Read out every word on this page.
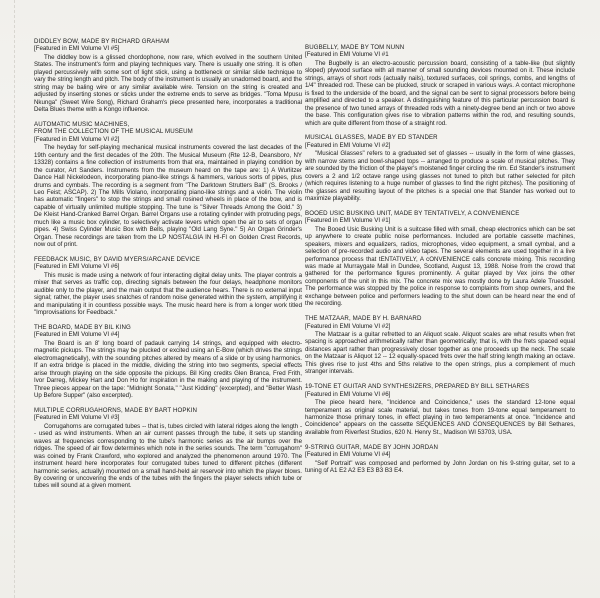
DIDDLEY BOW, MADE BY RICHARD GRAHAM
[Featured in EMI Volume VI #5]
The diddley bow is a glissed chordophone, now rare, which evolved in the southern United States. The instrument's form and playing techniques vary. There is usually one string. It is often played percussively with some sort of light stick, using a bottleneck or similar slide technique to vary the string length and pitch. The body of the instrument is usually an unadorned board, and the string may be baling wire or any similar available wire. Tension on the string is created and adjusted by inserting stones or sticks under the extreme ends to serve as bridges. "Toma Mpusu Nkunga" (Sweet Wire Song), Richard Graham's piece presented here, incorporates a traditional Delta Blues theme with a Kongo influence.
AUTOMATIC MUSIC MACHINES,
FROM THE COLLECTION OF THE MUSICAL MUSEUM
[Featured in EMI Volume VI #2]
The heyday for self-playing mechanical musical instruments covered the last decades of the 19th century and the first decades of the 20th. The Musical Museum (Rte 12-B, Deansboro, NY 13328) contains a fine collection of instruments from that era, maintained in playing condition by the curator, Art Sanders. Instruments from the museum heard on the tape are: 1) A Wurlitzer Dance Hall Nickelodeon, incorporating piano-like strings & hammers, various sorts of pipes, plus drums and cymbals. The recording is a segment from "The Darktown Strutters Ball" (S. Brooks / Leo Feist; ASCAP). 2) The Mills Violano, incorporating piano-like strings and a violin. The violin has automatic "fingers" to stop the strings and small rosined wheels in place of the bow, and is capable of virtually unlimited multiple stopping. The tune is "Silver Threads Among the Gold." 3) De Kleist Hand-Cranked Barrel Organ. Barrel Organs use a rotating cylinder with protruding pegs, much like a music box cylinder, to selectively activate levers which open the air to sets of organ pipes. 4) Swiss Cylinder Music Box with Bells, playing "Old Lang Syne." 5) An Organ Grinder's Organ. These recordings are taken from the LP NOSTALGIA IN HI-FI on Golden Crest Records, now out of print.
FEEDBACK MUSIC, BY DAVID MYERS/ARCANE DEVICE
[Featured in EMI Volume VI #6]
This music is made using a network of four interacting digital delay units. The player controls a mixer that serves as traffic cop, directing signals between the four delays, headphone monitors audible only to the player, and the main output that the audience hears. There is no external input signal; rather, the player uses snatches of random noise generated within the system, amplifying it and manipulating it in countless possible ways. The music heard here is from a longer work titled "Improvisations for Feedback."
THE BOARD, MADE BY BIL KING
[Featured in EMI Volume VI #4]
The Board is an 8' long board of padauk carrying 14 strings, and equipped with electro-magnetic pickups. The strings may be plucked or excited using an E-Bow (which drives the strings electromagnetically), with the sounding pitches altered by means of a slide or by using harmonics. If an extra bridge is placed in the middle, dividing the string into two segments, special effects arise through playing on the side opposite the pickups. Bil King credits Glen Branca, Fred Frith, Ivor Darreg, Mickey Hart and Don Ho for inspiration in the making and playing of the instrument. Three pieces appear on the tape: "Midnight Sonata," "Just Kidding" (excerpted), and "Better Wash Up Before Supper" (also excerpted).
MULTIPLE CORRUGAHORNS, MADE BY BART HOPKIN
[Featured in EMI Volume VI #3]
Corrugahorns are corrugated tubes -- that is, tubes circled with lateral ridges along the length -- used as wind instruments. When an air current passes through the tube, it sets up standing waves at frequencies corresponding to the tube's harmonic series as the air bumps over the ridges. The speed of air flow determines which note in the series sounds. The term "corrugahorn" was coined by Frank Crawford, who explored and analyzed the phenomenon around 1970. The instrument heard here incorporates four corrugated tubes tuned to different pitches (different harmonic series, actually) mounted on a small hand-held air reservoir into which the player blows. By covering or uncovering the ends of the tubes with the fingers the player selects which tube or tubes will sound at a given moment.
BUGBELLY, MADE BY TOM NUNN
[Featured in EMI Volume VI #1
The Bugbelly is an electro-acoustic percussion board, consisting of a table-like (but slightly sloped) plywood surface with all manner of small sounding devices mounted on it. These include strings, arrays of short rods (actually nails), textured surfaces, coil springs, combs, and lengths of 1/4" threaded rod. These can be plucked, struck or scraped in various ways. A contact microphone is fixed to the underside of the board, and the signal can be sent to signal processors before being amplified and directed to a speaker. A distinguishing feature of this particular percussion board is the presence of two tuned arrays of threaded rods with a ninety-degree bend an inch or two above the base. This configuration gives rise to vibration patterns within the rod, and resulting sounds, which are quite different from those of a straight rod.
MUSICAL GLASSES, MADE BY ED STANDER
[Featured in EMI Volume VI #2]
"Musical Glasses" refers to a graduated set of glasses -- usually in the form of wine glasses, with narrow stems and bowl-shaped tops -- arranged to produce a scale of musical pitches. They are sounded by the friction of the player's moistened finger circling the rim. Ed Stander's instrument covers a 2 and 1/2 octave range using glasses not tuned to pitch but rather selected for pitch (which requires listening to a huge number of glasses to find the right pitches). The positioning of the glasses and resulting layout of the pitches is a special one that Stander has worked out to maximize playability.
BOOED USIC BUSKING UNIT, MADE BY TENTATIVELY, A CONVENIENCE
[Featured in EMI Volume VI #1]
The Booed Usic Busking Unit is a suitcase filled with small, cheap electronics which can be set up anywhere to create public noise performances. Included are portable cassette machines, speakers, mixers and equalizers, radios, microphones, video equipment, a small cymbal, and a selection of pre-recorded audio and video tapes. The several elements are used together in a live performance process that tENTATIVELY, A cONVENIENCE calls concrete mixing. This recording was made at Murraygate Mall in Dundee, Scotland, August 13, 1988. Noise from the crowd that gathered for the performance figures prominently. A guitar played by Vex joins the other components of the unit in this mix. The concrete mix was mostly done by Laura Adele Truesdell. The performance was stopped by the police in response to complaints from shop owners, and the exchange between police and performers leading to the shut down can be heard near the end of the recording.
THE MATZAAR, MADE BY H. BARNARD
[Featured in EMI Volume VI #2]
The Matzaar is a guitar refretted to an Aliquot scale. Aliquot scales are what results when fret spacing is approached arithmetically rather than geometrically; that is, with the frets spaced equal distances apart rather than progressively closer together as one proceeds up the neck. The scale on the Matzaar is Aliquot 12 -- 12 equally-spaced frets over the half string length making an octave. This gives rise to just 4ths and 5ths relative to the open strings, plus a complement of much stranger intervals.
19-TONE ET GUITAR AND SYNTHESIZERS, PREPARED BY BILL SETHARES
[Featured in EMI Volume VI #6]
The piece heard here, "Incidence and Coincidence," uses the standard 12-tone equal temperament as original scale material, but takes tones from 19-tone equal temperament to harmonize those primary tones, in effect playing in two temperaments at once. "Incidence and Coincidence" appears on the cassette SEQUENCES AND CONSEQUENCES by Bill Sethares, available from Riverfest Studios, 620 N. Henry St., Madison WI 53703, USA.
9-STRING GUITAR, MADE BY JOHN JORDAN
[Featured in EMI Volume VI #4]
"Self Portrait" was composed and performed by John Jordan on his 9-string guitar, set to a tuning of A1 E2 A2 E3 E3 B3 B3 E4.
